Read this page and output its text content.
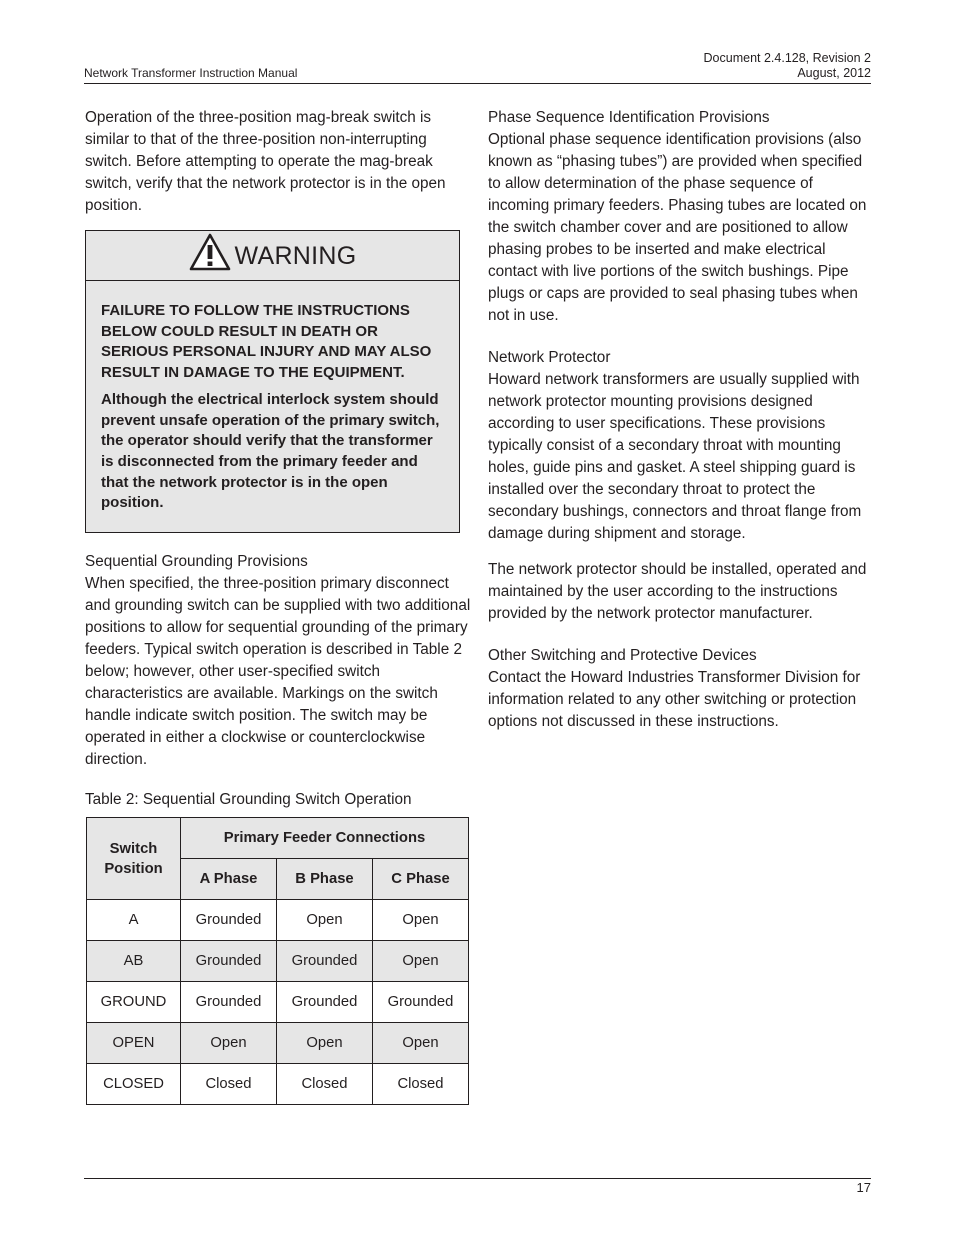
Network Transformer Instruction Manual
Document 2.4.128, Revision 2
August, 2012

Operation of the three-position mag-break switch is similar to that of the three-position non-interrupting switch. Before attempting to operate the mag-break switch, verify that the network protector is in the open position.

WARNING

FAILURE TO FOLLOW THE INSTRUCTIONS BELOW COULD RESULT IN DEATH OR SERIOUS PERSONAL INJURY AND MAY ALSO RESULT IN DAMAGE TO THE EQUIPMENT.

Although the electrical interlock system should prevent unsafe operation of the primary switch, the operator should verify that the transformer is disconnected from the primary feeder and that the network protector is in the open position.

Sequential Grounding Provisions

When specified, the three-position primary disconnect and grounding switch can be supplied with two additional positions to allow for sequential grounding of the primary feeders. Typical switch operation is described in Table 2 below; however, other user-specified switch characteristics are available. Markings on the switch handle indicate switch position. The switch may be operated in either a clockwise or counterclockwise direction.

Table 2: Sequential Grounding Switch Operation
Switch Position	Primary Feeder Connections		
	A Phase	B Phase	C Phase
A	Grounded	Open	Open
AB	Grounded	Grounded	Open
GROUND	Grounded	Grounded	Grounded
OPEN	Open	Open	Open
CLOSED	Closed	Closed	Closed
Phase Sequence Identification Provisions

Optional phase sequence identification provisions (also known as “phasing tubes”) are provided when specified to allow determination of the phase sequence of incoming primary feeders. Phasing tubes are located on the switch chamber cover and are positioned to allow phasing probes to be inserted and make electrical contact with live portions of the switch bushings. Pipe plugs or caps are provided to seal phasing tubes when not in use.

Network Protector

Howard network transformers are usually supplied with network protector mounting provisions designed according to user specifications. These provisions typically consist of a secondary throat with mounting holes, guide pins and gasket. A steel shipping guard is installed over the secondary throat to protect the secondary bushings, connectors and throat flange from damage during shipment and storage.

The network protector should be installed, operated and maintained by the user according to the instructions provided by the network protector manufacturer.

Other Switching and Protective Devices

Contact the Howard Industries Transformer Division for information related to any other switching or protection options not discussed in these instructions.

17
